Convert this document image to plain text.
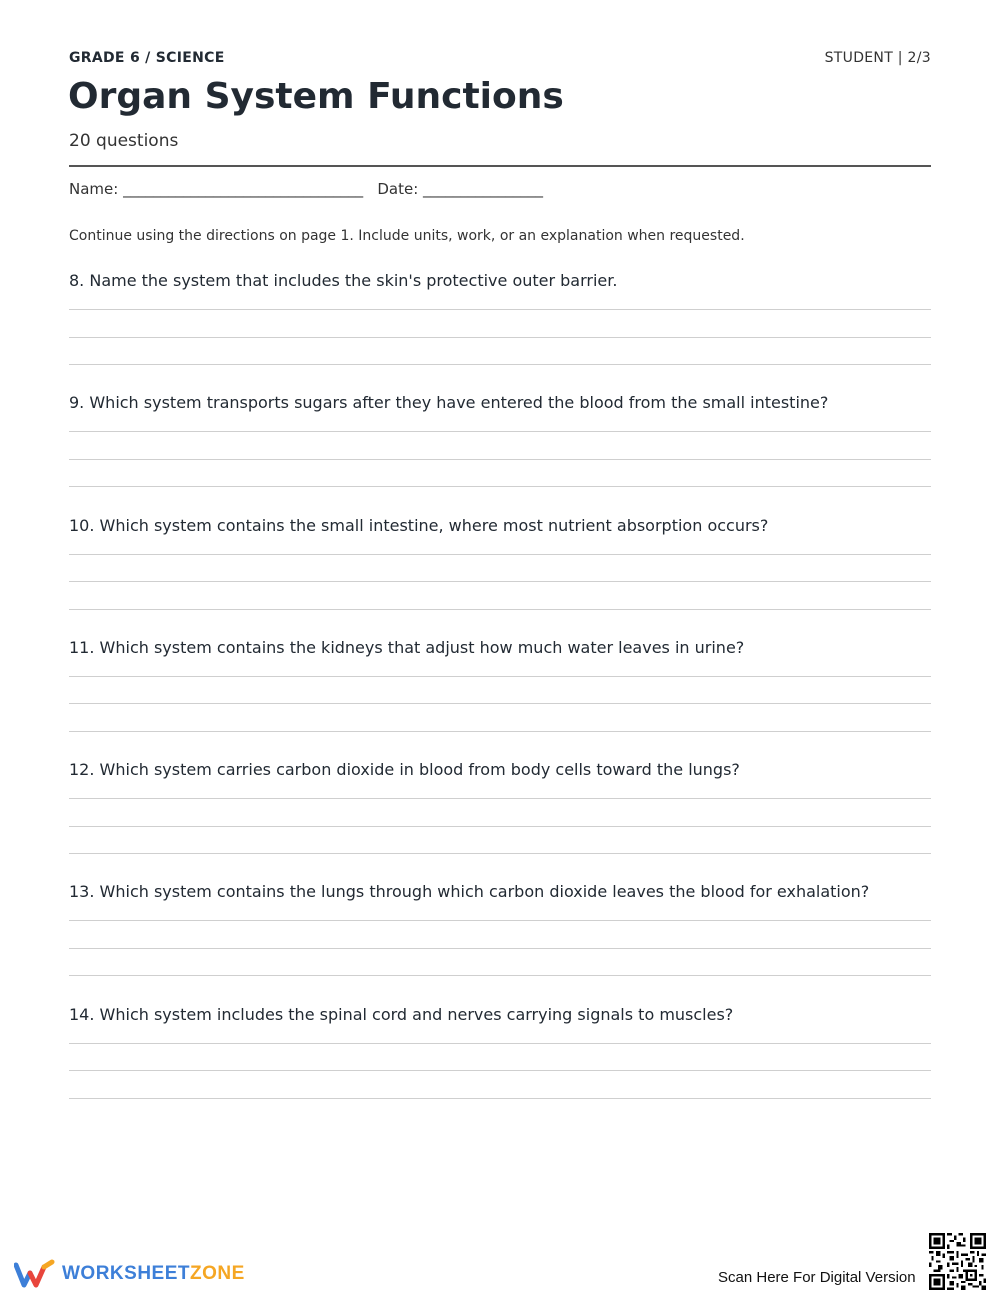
GRADE 6 / SCIENCE	STUDENT | 2/3
Organ System Functions
20 questions
Name: ________________________________   Date: ________________
Continue using the directions on page 1. Include units, work, or an explanation when requested.

8. Name the system that includes the skin's protective outer barrier.

9. Which system transports sugars after they have entered the blood from the small intestine?

10. Which system contains the small intestine, where most nutrient absorption occurs?

11. Which system contains the kidneys that adjust how much water leaves in urine?

12. Which system carries carbon dioxide in blood from body cells toward the lungs?

13. Which system contains the lungs through which carbon dioxide leaves the blood for exhalation?

14. Which system includes the spinal cord and nerves carrying signals to muscles?

WORKSHEETZONE	Scan Here For Digital Version
